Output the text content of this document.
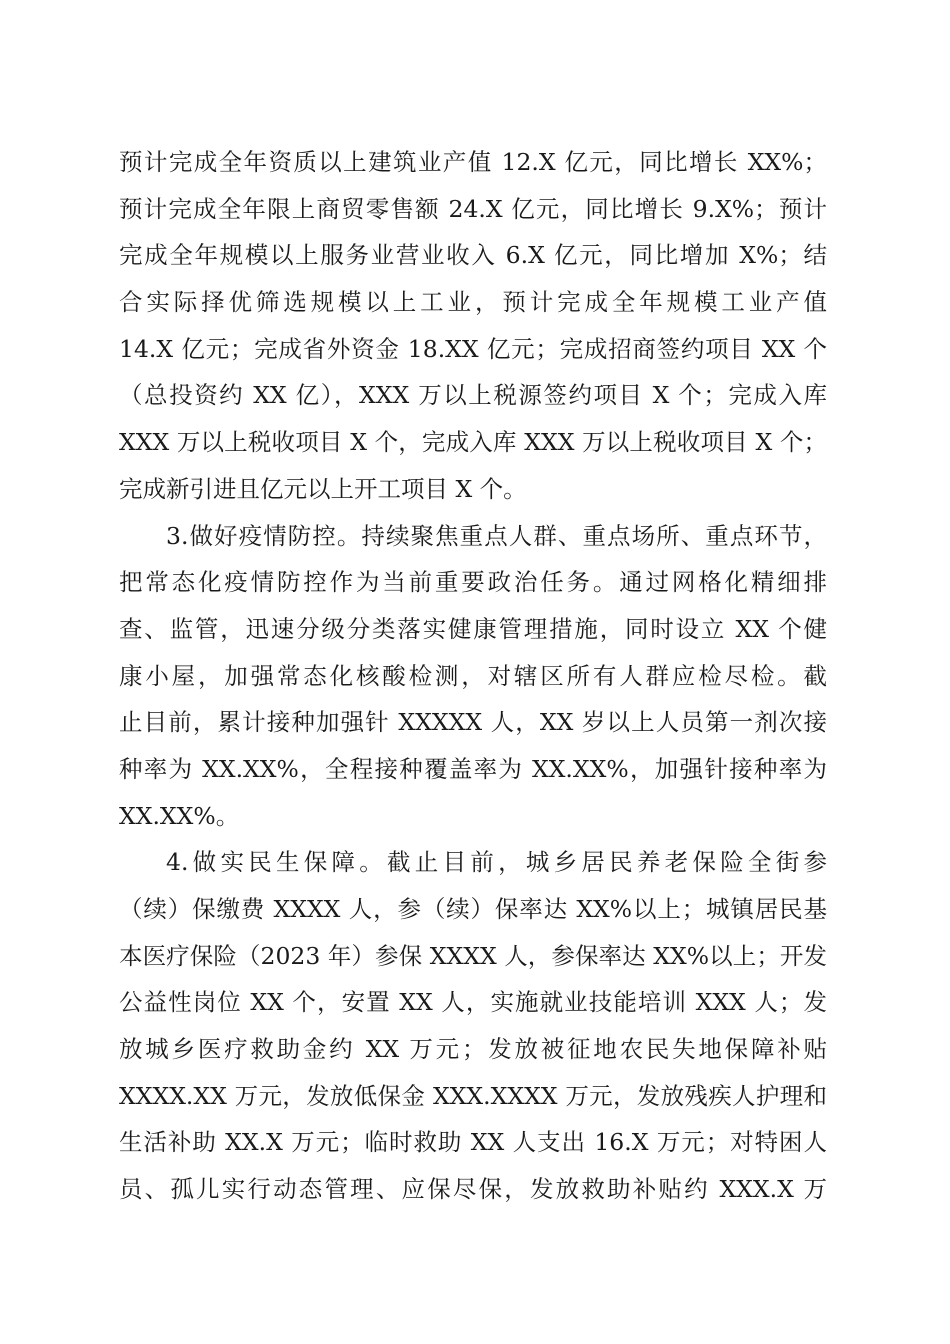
预计完成全年资质以上建筑业产值 12.X 亿元，同比增长 XX%；
预计完成全年限上商贸零售额 24.X 亿元，同比增长 9.X%；预计
完成全年规模以上服务业营业收入 6.X 亿元，同比增加 X%；结
合实际择优筛选规模以上工业，预计完成全年规模工业产值
14.X 亿元；完成省外资金 18.XX 亿元；完成招商签约项目 XX 个
（总投资约 XX 亿），XXX 万以上税源签约项目 X 个；完成入库
XXX 万以上税收项目 X 个，完成入库 XXX 万以上税收项目 X 个；
完成新引进且亿元以上开工项目 X 个。
3.做好疫情防控。持续聚焦重点人群、重点场所、重点环节，
把常态化疫情防控作为当前重要政治任务。通过网格化精细排
查、监管，迅速分级分类落实健康管理措施，同时设立 XX 个健
康小屋，加强常态化核酸检测，对辖区所有人群应检尽检。截
止目前，累计接种加强针 XXXXX 人，XX 岁以上人员第一剂次接
种率为 XX.XX%，全程接种覆盖率为 XX.XX%，加强针接种率为
XX.XX%。
4.做实民生保障。截止目前，城乡居民养老保险全街参
（续）保缴费 XXXX 人，参（续）保率达 XX%以上；城镇居民基
本医疗保险（2023 年）参保 XXXX 人，参保率达 XX%以上；开发
公益性岗位 XX 个，安置 XX 人，实施就业技能培训 XXX 人；发
放城乡医疗救助金约 XX 万元；发放被征地农民失地保障补贴
XXXX.XX 万元，发放低保金 XXX.XXXX 万元，发放残疾人护理和
生活补助 XX.X 万元；临时救助 XX 人支出 16.X 万元；对特困人
员、孤儿实行动态管理、应保尽保，发放救助补贴约 XXX.X 万
